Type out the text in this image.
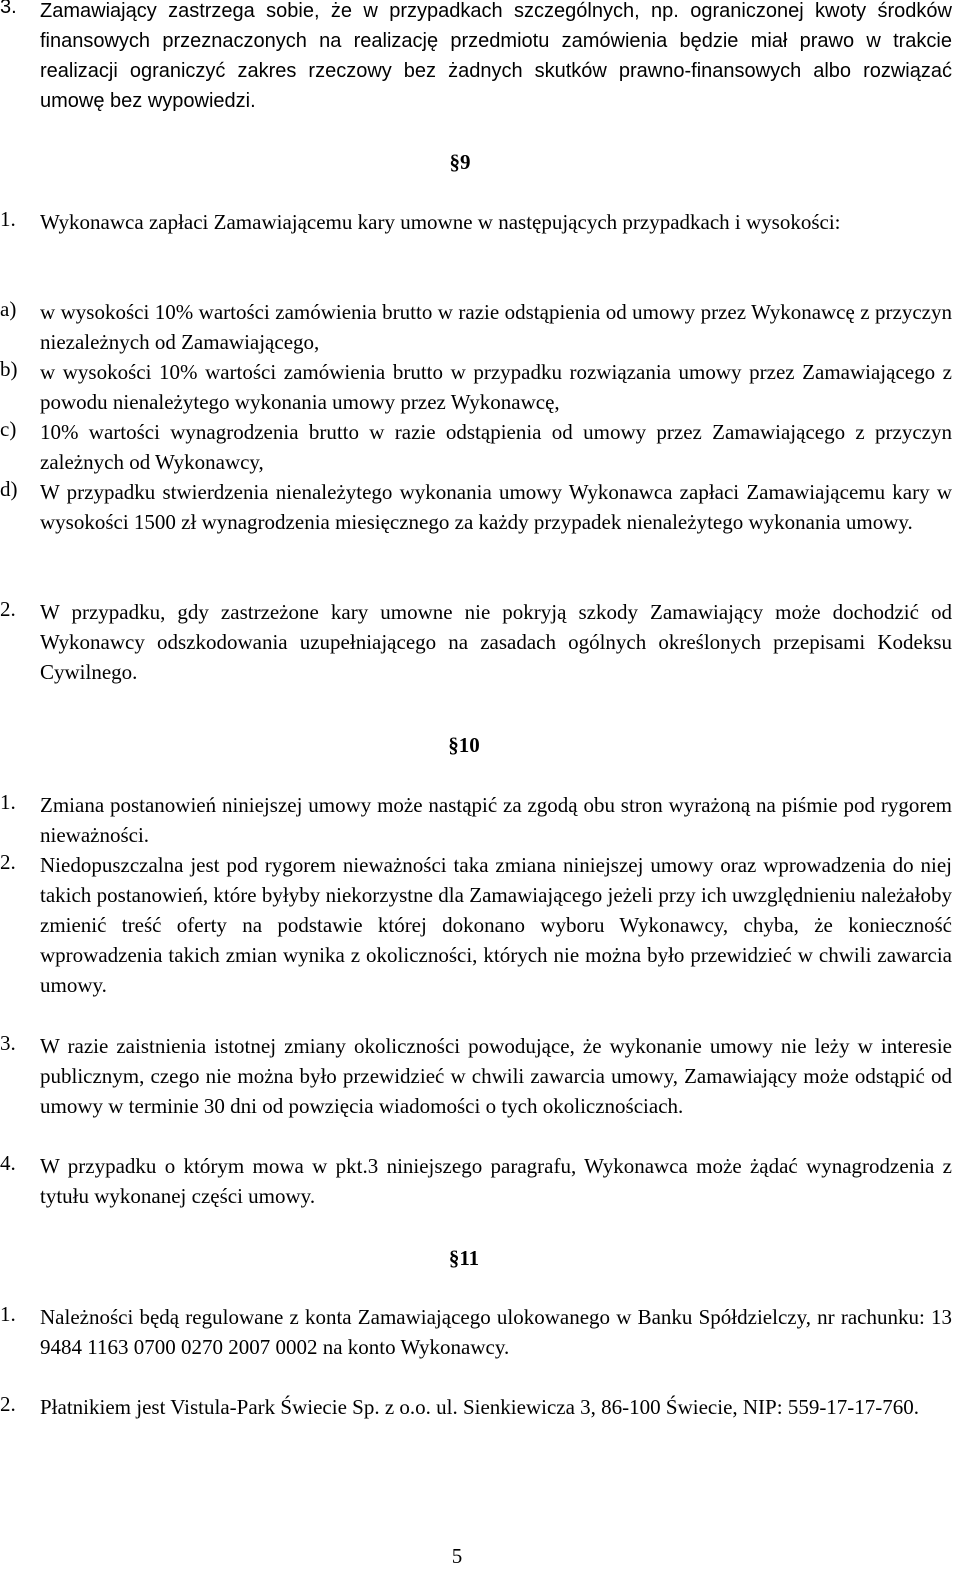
3.	Zamawiający zastrzega sobie, że w przypadkach szczególnych, np. ograniczonej kwoty środków finansowych przeznaczonych na realizację przedmiotu zamówienia będzie miał prawo w trakcie realizacji ograniczyć zakres rzeczowy bez żadnych skutków prawno-finansowych albo rozwiązać umowę bez wypowiedzi.
§9
1.	Wykonawca zapłaci Zamawiającemu kary umowne w następujących przypadkach i wysokości:
a)	w wysokości 10% wartości zamówienia brutto w razie odstąpienia od umowy przez Wykonawcę z przyczyn niezależnych od Zamawiającego,
b)	w wysokości 10% wartości zamówienia brutto w przypadku rozwiązania umowy przez Zamawiającego z powodu nienależytego wykonania umowy przez Wykonawcę,
c)	10% wartości wynagrodzenia brutto w razie odstąpienia od umowy przez Zamawiającego z przyczyn zależnych od Wykonawcy,
d)	W przypadku stwierdzenia nienależytego wykonania umowy Wykonawca zapłaci Zamawiającemu kary w wysokości 1500 zł wynagrodzenia miesięcznego za każdy przypadek nienależytego wykonania umowy.
2.	W przypadku, gdy zastrzeżone kary umowne nie pokryją szkody Zamawiający może dochodzić od Wykonawcy odszkodowania uzupełniającego na zasadach ogólnych określonych przepisami Kodeksu Cywilnego.
§10
1.	Zmiana postanowień niniejszej umowy może nastąpić za zgodą obu stron wyrażoną na piśmie pod rygorem nieważności.
2.	Niedopuszczalna jest pod rygorem nieważności taka zmiana niniejszej umowy oraz wprowadzenia do niej takich postanowień, które byłyby niekorzystne dla Zamawiającego jeżeli przy ich uwzględnieniu należałoby zmienić treść oferty na podstawie której dokonano wyboru Wykonawcy, chyba, że konieczność wprowadzenia takich zmian wynika z okoliczności, których nie można było przewidzieć w chwili zawarcia umowy.
3.	W razie zaistnienia istotnej zmiany okoliczności powodujące, że wykonanie umowy nie leży w interesie publicznym, czego nie można było przewidzieć w chwili zawarcia umowy, Zamawiający może odstąpić od umowy w terminie 30 dni od powzięcia wiadomości o tych okolicznościach.
4.	W przypadku o którym mowa w pkt.3 niniejszego paragrafu, Wykonawca może żądać wynagrodzenia z tytułu wykonanej części umowy.
§11
1.	Należności będą regulowane z konta Zamawiającego ulokowanego w Banku Spółdzielczy, nr rachunku: 13 9484 1163 0700 0270 2007 0002 na konto Wykonawcy.
2.	Płatnikiem jest Vistula-Park Świecie Sp. z o.o. ul. Sienkiewicza 3, 86-100 Świecie, NIP: 559-17-17-760.
5
